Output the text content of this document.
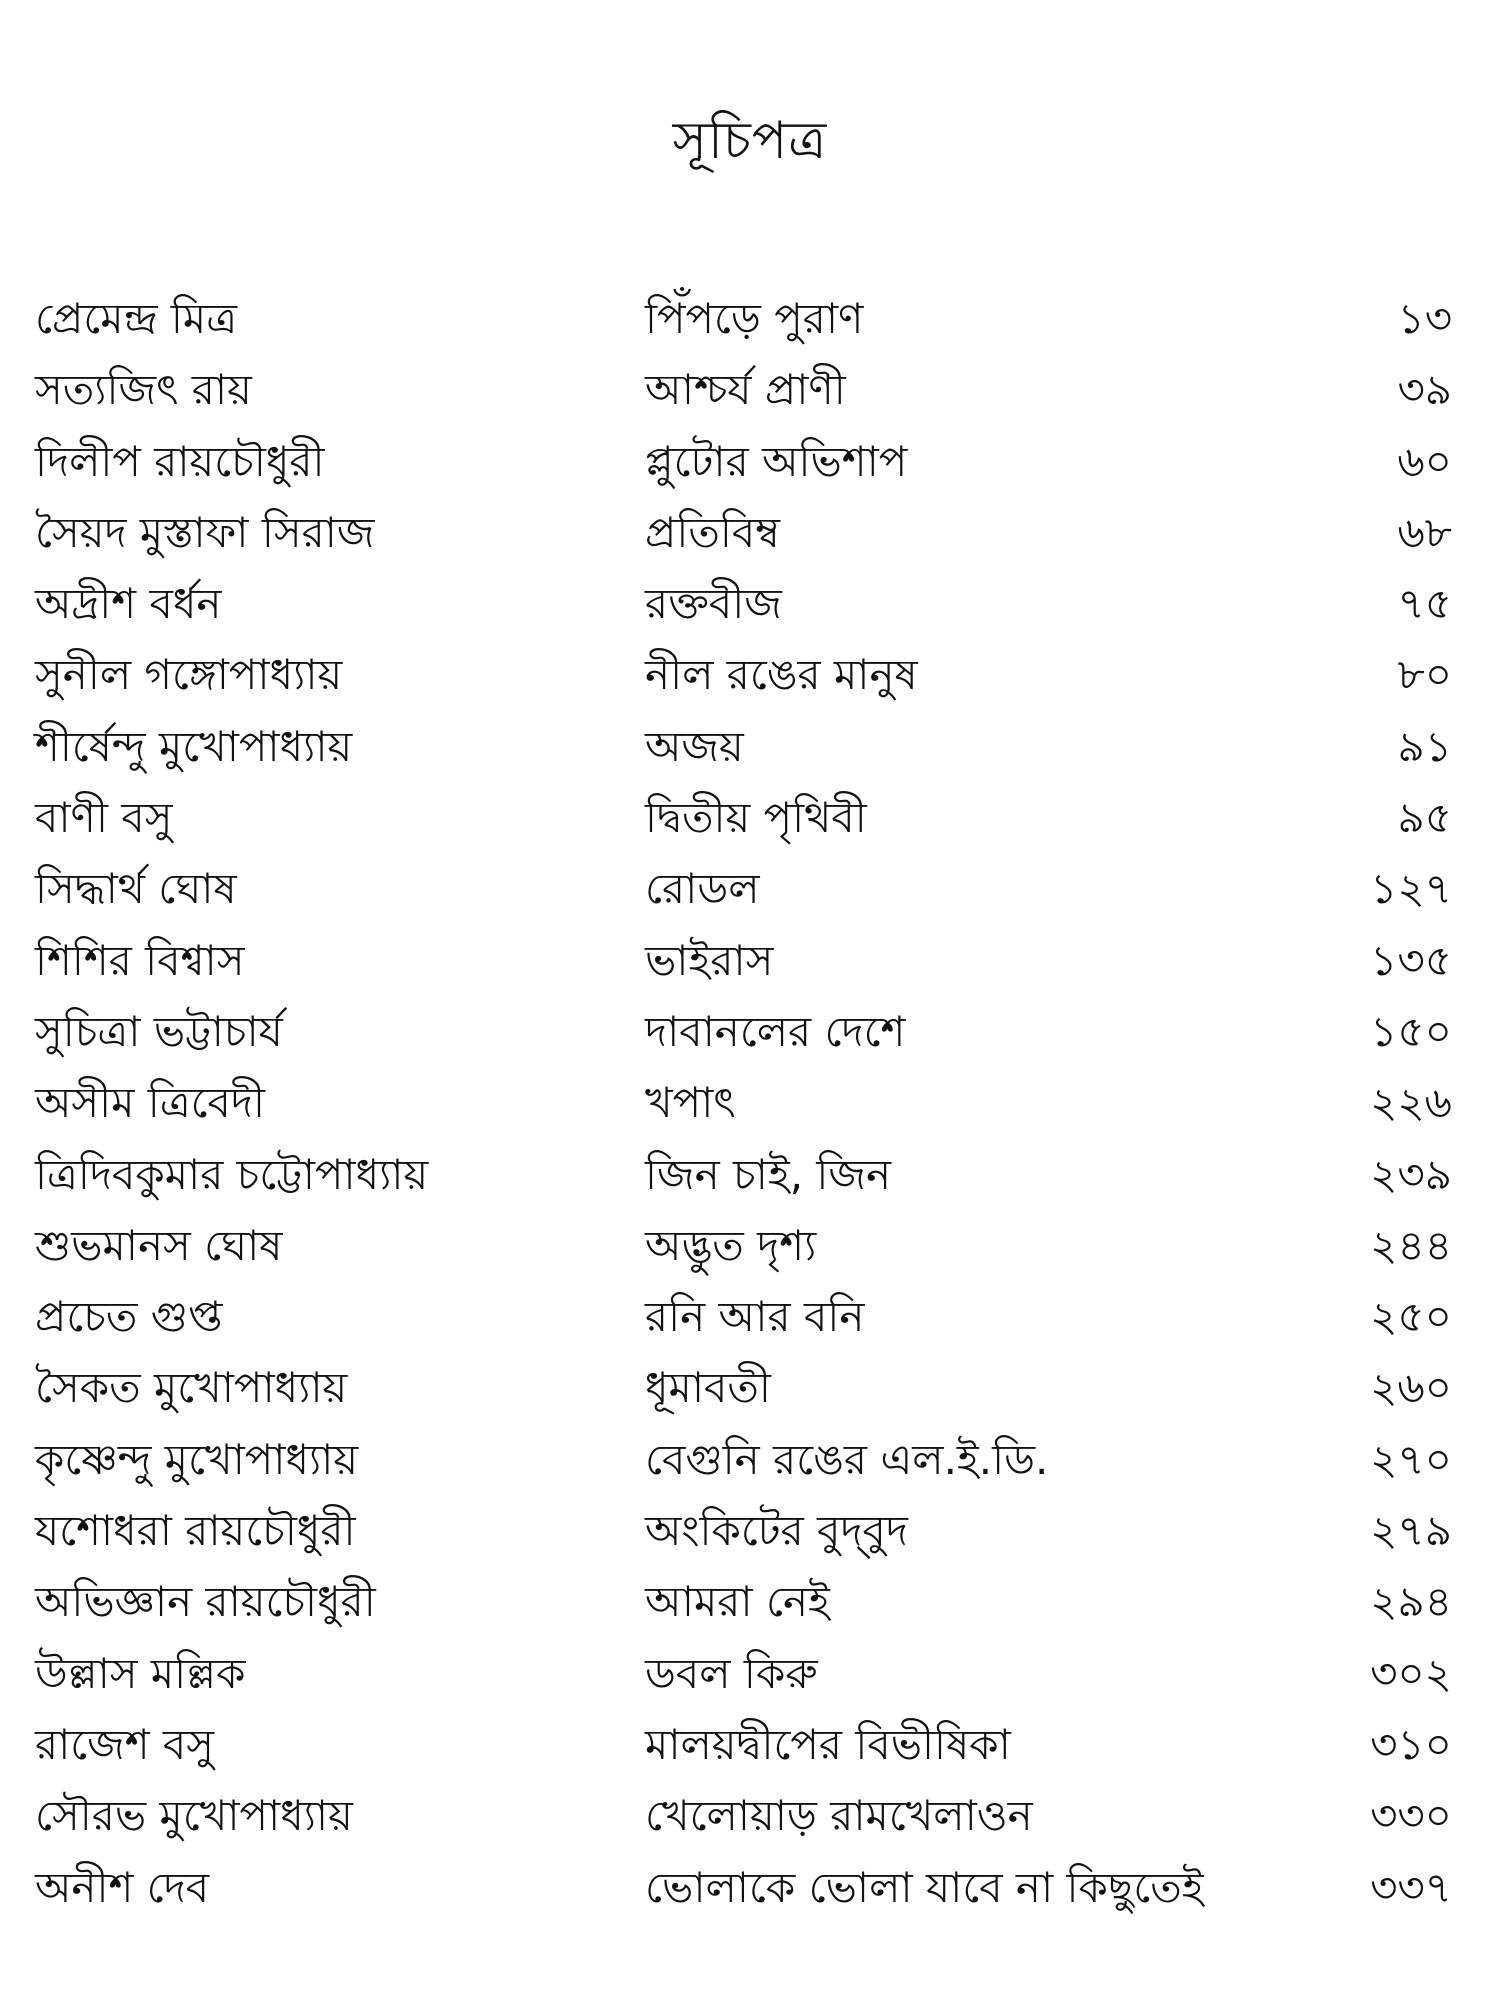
সূচিপত্র
প্রেমেন্দ্র মিত্র	পিঁপড়ে পুরাণ	১৩
সত্যজিৎ রায়	আশ্চর্য প্রাণী	৩৯
দিলীপ রায়চৌধুরী	প্লুটোর অভিশাপ	৬০
সৈয়দ মুস্তাফা সিরাজ	প্রতিবিম্ব	৬৮
অদ্রীশ বর্ধন	রক্তবীজ	৭৫
সুনীল গঙ্গোপাধ্যায়	নীল রঙের মানুষ	৮০
শীর্ষেন্দু মুখোপাধ্যায়	অজয়	৯১
বাণী বসু	দ্বিতীয় পৃথিবী	৯৫
সিদ্ধার্থ ঘোষ	রোডল	১২৭
শিশির বিশ্বাস	ভাইরাস	১৩৫
সুচিত্রা ভট্টাচার্য	দাবানলের দেশে	১৫০
অসীম ত্রিবেদী	খপাৎ	২২৬
ত্রিদিবকুমার চট্টোপাধ্যায়	জিন চাই, জিন	২৩৯
শুভমানস ঘোষ	অদ্ভুত দৃশ্য	২৪৪
প্রচেত গুপ্ত	রনি আর বনি	২৫০
সৈকত মুখোপাধ্যায়	ধূমাবতী	২৬০
কৃষ্ণেন্দু মুখোপাধ্যায়	বেগুনি রঙের এল.ই.ডি.	২৭০
যশোধরা রায়চৌধুরী	অংকিটের বুদ্‌বুদ	২৭৯
অভিজ্ঞান রায়চৌধুরী	আমরা নেই	২৯৪
উল্লাস মল্লিক	ডবল কিরু	৩০২
রাজেশ বসু	মালয়দ্বীপের বিভীষিকা	৩১০
সৌরভ মুখোপাধ্যায়	খেলোয়াড় রামখেলাওন	৩৩০
অনীশ দেব	ভোলাকে ভোলা যাবে না কিছুতেই	৩৩৭
